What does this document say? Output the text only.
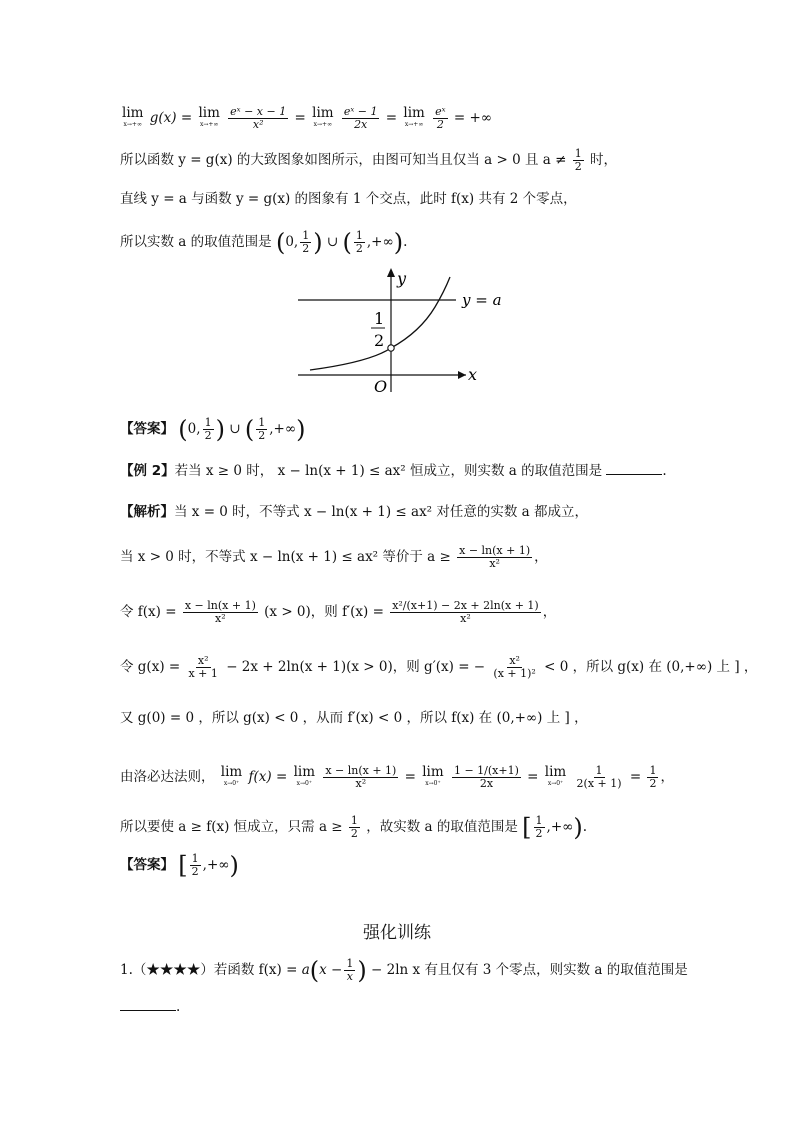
lim
x→+∞ g(x) = lim
x→+∞
$\frac{\text{eˣ − x − 1}}{\text{x²}} = \lim$
x→+∞
$\frac{\text{eˣ − 1}}{2x} = \lim$
x→+∞
$\frac{\text{eˣ}}{2}$ = +∞
所以函数 y = g(x) 的大致图象如图所示，由图可知当且仅当 a > 0 且 $a \ne \frac{1}{2}$ 时，
直线 y = a 与函数 y = g(x) 的图象有 1 个交点，此时 f(x) 共有 2 个零点，
所以实数 a 的取值范围是 (0, $\frac{1}{2}$ ) ∪ ( $\frac{1}{2}$ ,+∞).
y
x
O
y = a
1
2
【答案】 (0, $\frac{1}{2}$ ) ∪ ( $\frac{1}{2}$ ,+∞)
【例 2】若当 x ≥ 0 时， x − ln(x + 1) ≤ ax² 恒成立，则实数 a 的取值范围是	.
【解析】当 x = 0 时，不等式 x − ln(x + 1) ≤ ax² 对任意的实数 a 都成立，
当 x > 0 时，不等式 x − ln(x + 1) ≤ ax² 等价于 $a \ge \frac{x - \ln(x + 1)}{\text{x²}}$ ，
令 $f(x) = \frac{x - \ln(x + 1)}{\text{x²}} (x > 0)$，则 $f'(x) = \frac{\text{x²/(x+1) − 2x + 2ln(x + 1)}}{\text{x²}}$ ，
令 $g(x) = \frac{\text{x²}}{x + 1} - 2x + 2\ln(x + 1)(x > 0)$，则 g′(x) = − $\frac{\text{x²}}{\text{(x + 1)²}} < 0$ ，所以 g(x) 在 (0,+∞) 上 ] ，
又 g(0) = 0 ，所以 g(x) < 0 ，从而 f′(x) < 0 ，所以 f(x) 在 (0,+∞) 上 ] ，
由洛必达法则， lim
x→0⁺ f(x) = lim
x→0⁺
$\frac{x - \ln(x + 1)}{\text{x²}} = \lim$
x→0⁺
$\frac{1 - 1/(x+1)}{2x} = \lim$
x→0⁺
$\frac{1}{2(x + 1)} = \frac{1}{2}$ ，
所以要使 a ≥ f(x) 恒成立，只需 $a \ge \frac{1}{2}$ ，故实数 a 的取值范围是 [ $\frac{1}{2}$ ,+∞).
【答案】 [ $\frac{1}{2}$ ,+∞)
强化训练
1.（★★★★）若函数 $f(x) = a(x - \frac{1}{x}$ ) − 2ln x 有且仅有 3 个零点，则实数 a 的取值范围是
.
